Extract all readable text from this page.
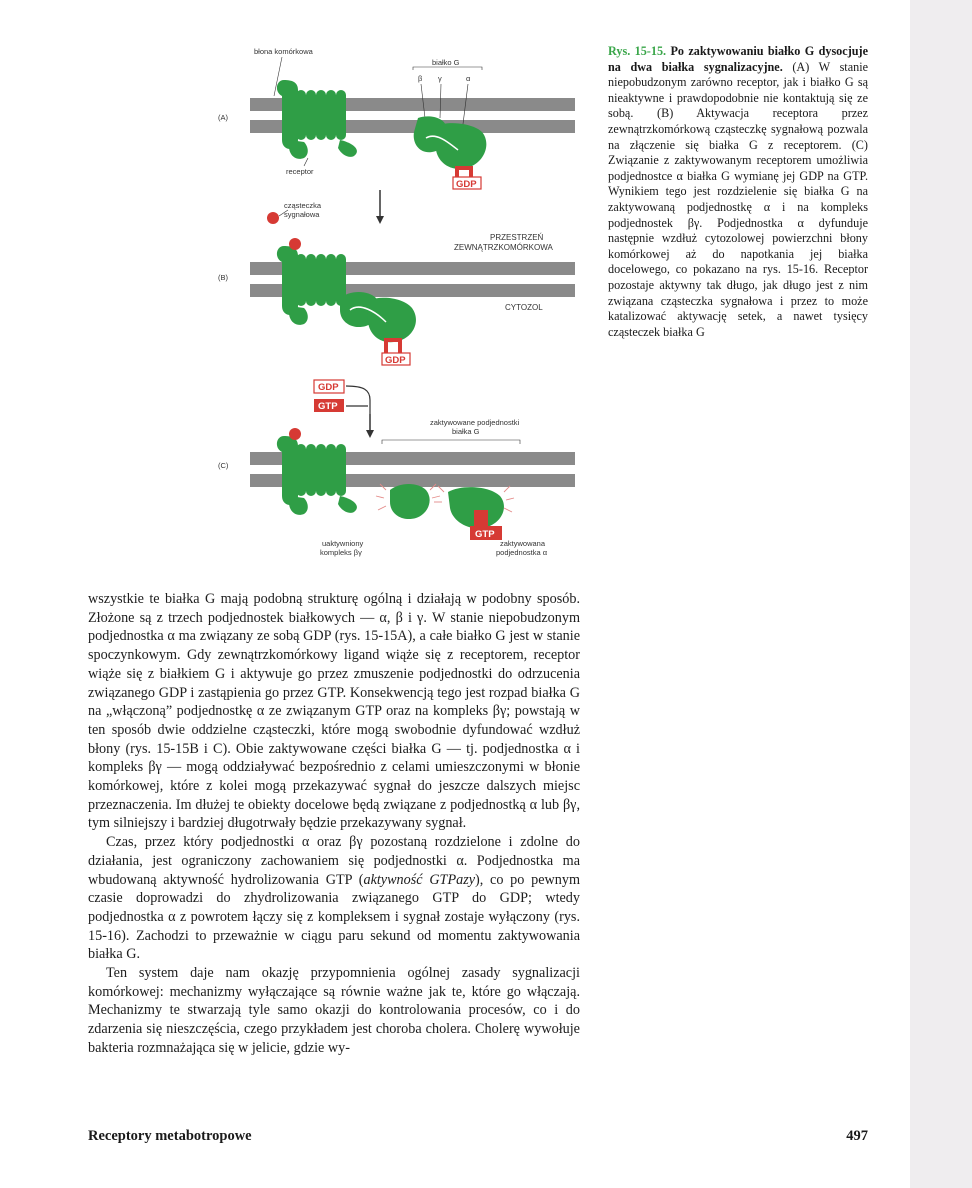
(A)
błona komórkowa
białko G
β γ	α
receptor
GDP
cząsteczka
sygnałowa
(B)
PRZESTRZEŃ
ZEWNĄTRZKOMÓRKOWA
CYTOZOL
GDP
GDP
GTP
(C)
zaktywowane podjednostki
białka G
GTP
uaktywniony
kompleks βγ
zaktywowana
podjednostka α
Rys. 15-15. Po zaktywowaniu białko G dysocjuje na dwa białka sygnalizacyjne. (A) W stanie niepobudzonym zarówno receptor, jak i białko G są nieaktywne i prawdopodobnie nie kontaktują się ze sobą. (B) Aktywacja receptora przez zewnątrzkomórkową cząsteczkę sygnałową pozwala na złączenie się białka G z receptorem. (C) Związanie z zaktywowanym receptorem umożliwia podjednostce α białka G wymianę jej GDP na GTP. Wynikiem tego jest rozdzielenie się białka G na zaktywowaną podjednostkę α i na kompleks podjednostek βγ. Podjednostka α dyfunduje następnie wzdłuż cytozolowej powierzchni błony komórkowej aż do napotkania jej białka docelowego, co pokazano na rys. 15-16. Receptor pozostaje aktywny tak długo, jak długo jest z nim związana cząsteczka sygnałowa i przez to może katalizować aktywację setek, a nawet tysięcy cząsteczek białka G

wszystkie te białka G mają podobną strukturę ogólną i działają w podobny sposób. Złożone są z trzech podjednostek białkowych — α, β i γ. W stanie niepobudzonym podjednostka α ma związany ze sobą GDP (rys. 15-15A), a całe białko G jest w stanie spoczynkowym. Gdy zewnątrzkomórkowy ligand wiąże się z receptorem, receptor wiąże się z białkiem G i aktywuje go przez zmuszenie podjednostki do odrzucenia związanego GDP i zastąpienia go przez GTP. Konsekwencją tego jest rozpad białka G na „włączoną” podjednostkę α ze związanym GTP oraz na kompleks βγ; powstają w ten sposób dwie oddzielne cząsteczki, które mogą swobodnie dyfundować wzdłuż błony (rys. 15-15B i C). Obie zaktywowane części białka G — tj. podjednostka α i kompleks βγ — mogą oddziaływać bezpośrednio z celami umieszczonymi w błonie komórkowej, które z kolei mogą przekazywać sygnał do jeszcze dalszych miejsc przeznaczenia. Im dłużej te obiekty docelowe będą związane z podjednostką α lub βγ, tym silniejszy i bardziej długotrwały będzie przekazywany sygnał.

Czas, przez który podjednostki α oraz βγ pozostaną rozdzielone i zdolne do działania, jest ograniczony zachowaniem się podjednostki α. Podjednostka ma wbudowaną aktywność hydrolizowania GTP (aktywność GTPazy), co po pewnym czasie doprowadzi do zhydrolizowania związanego GTP do GDP; wtedy podjednostka α z powrotem łączy się z kompleksem i sygnał zostaje wyłączony (rys. 15-16). Zachodzi to przeważnie w ciągu paru sekund od momentu zaktywowania białka G.

Ten system daje nam okazję przypomnienia ogólnej zasady sygnalizacji komórkowej: mechanizmy wyłączające są równie ważne jak te, które go włączają. Mechanizmy te stwarzają tyle samo okazji do kontrolowania procesów, co i do zdarzenia się nieszczęścia, czego przykładem jest choroba cholera. Cholerę wywołuje bakteria rozmnażająca się w jelicie, gdzie wy-

Receptory metabotropowe	497
